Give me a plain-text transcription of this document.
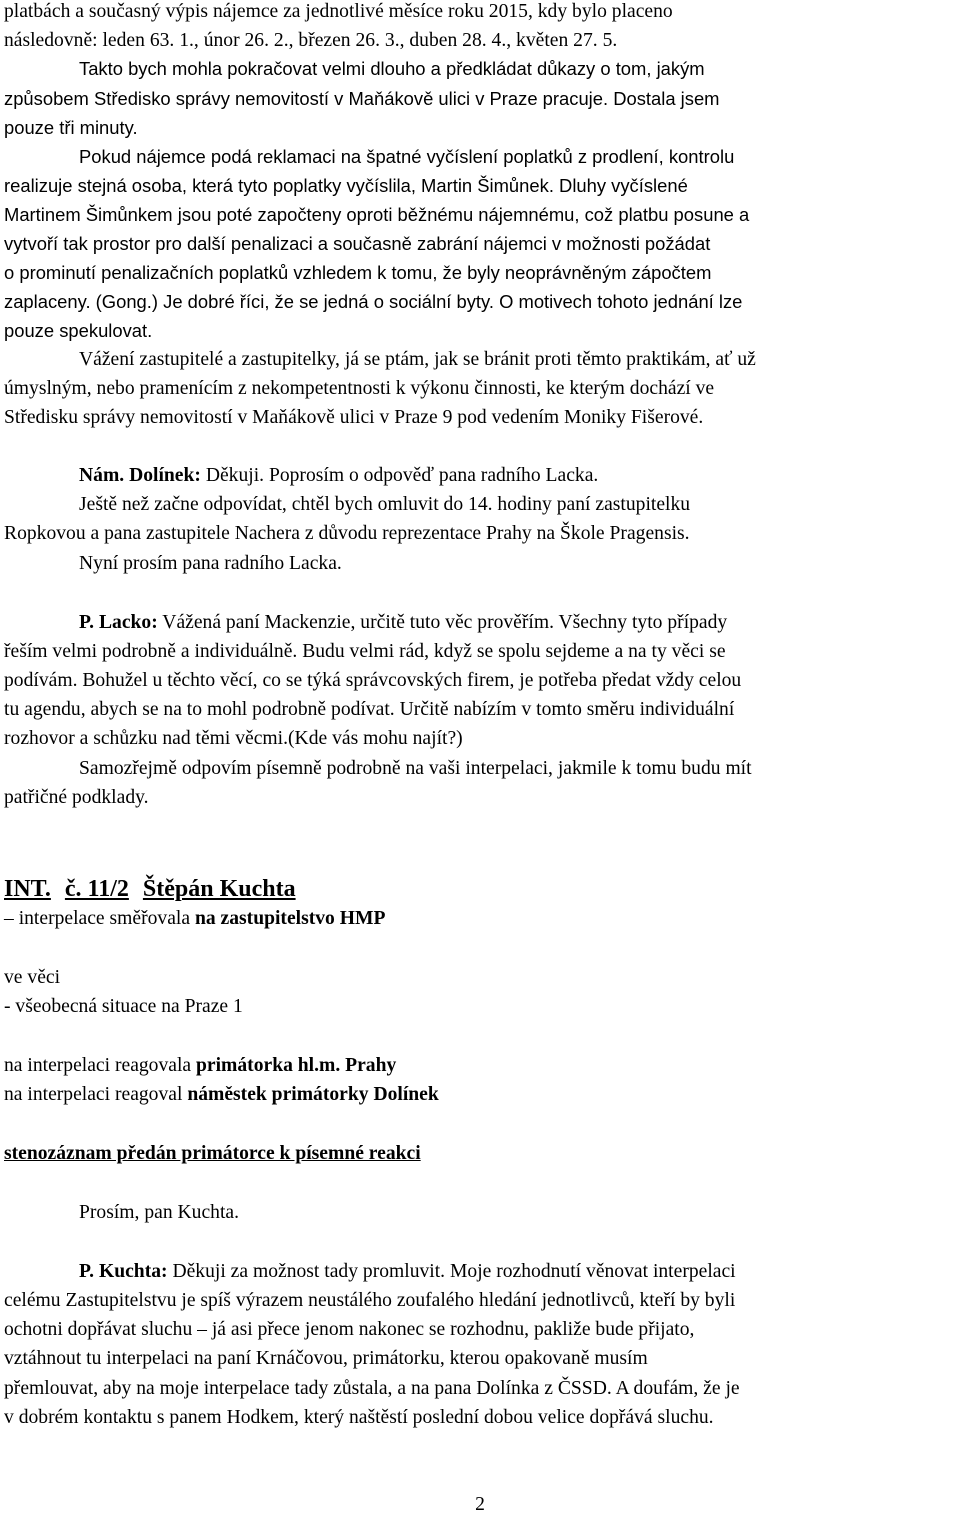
platbách a současný výpis nájemce za jednotlivé měsíce roku 2015, kdy bylo placeno
následovně: leden 63. 1., únor 26. 2., březen 26. 3., duben 28. 4., květen 27. 5.
Takto bych mohla pokračovat velmi dlouho a předkládat důkazy o tom, jakým
způsobem Středisko správy nemovitostí v Maňákově ulici v Praze pracuje. Dostala jsem
pouze tři minuty.
Pokud nájemce podá reklamaci na špatné vyčíslení poplatků z prodlení, kontrolu
realizuje stejná osoba, která tyto poplatky vyčíslila, Martin Šimůnek. Dluhy vyčíslené
Martinem Šimůnkem jsou poté započteny oproti běžnému nájemnému, což platbu posune a
vytvoří tak prostor pro další penalizaci a současně zabrání nájemci v možnosti požádat
o prominutí penalizačních poplatků vzhledem k tomu, že byly neoprávněným zápočtem
zaplaceny. (Gong.) Je dobré říci, že se jedná o sociální byty. O motivech tohoto jednání lze
pouze spekulovat.
Vážení zastupitelé a zastupitelky, já se ptám, jak se bránit proti těmto praktikám, ať už
úmyslným, nebo pramenícím z nekompetentnosti k výkonu činnosti, ke kterým dochází ve
Středisku správy nemovitostí v Maňákově ulici v Praze 9 pod vedením Moniky Fišerové.
Nám. Dolínek: Děkuji. Poprosím o odpověď pana radního Lacka.
Ještě než začne odpovídat, chtěl bych omluvit do 14. hodiny paní zastupitelku
Ropkovou a pana zastupitele Nachera z důvodu reprezentace Prahy na Škole Pragensis.
Nyní prosím pana radního Lacka.
P. Lacko: Vážená paní Mackenzie, určitě tuto věc prověřím. Všechny tyto případy
řeším velmi podrobně a individuálně. Budu velmi rád, když se spolu sejdeme a na ty věci se
podívám. Bohužel u těchto věcí, co se týká správcovských firem, je potřeba předat vždy celou
tu agendu, abych se na to mohl podrobně podívat. Určitě nabízím v tomto směru individuální
rozhovor a schůzku nad těmi věcmi.(Kde vás mohu najít?)
Samozřejmě odpovím písemně podrobně na vaši interpelaci, jakmile k tomu budu mít
patřičné podklady.
INT. č. 11/2 Štěpán Kuchta
– interpelace směřovala na zastupitelstvo HMP
ve věci
- všeobecná situace na Praze 1
na interpelaci reagovala primátorka hl.m. Prahy
na interpelaci reagoval náměstek primátorky Dolínek
stenozáznam předán primátorce k písemné reakci
Prosím, pan Kuchta.
P. Kuchta: Děkuji za možnost tady promluvit. Moje rozhodnutí věnovat interpelaci
celému Zastupitelstvu je spíš výrazem neustálého zoufalého hledání jednotlivců, kteří by byli
ochotni dopřávat sluchu – já asi přece jenom nakonec se rozhodnu, pakliže bude přijato,
vztáhnout tu interpelaci na paní Krnáčovou, primátorku, kterou opakovaně musím
přemlouvat, aby na moje interpelace tady zůstala, a na pana Dolínka z ČSSD. A doufám, že je
v dobrém kontaktu s panem Hodkem, který naštěstí poslední dobou velice dopřává sluchu.
2
